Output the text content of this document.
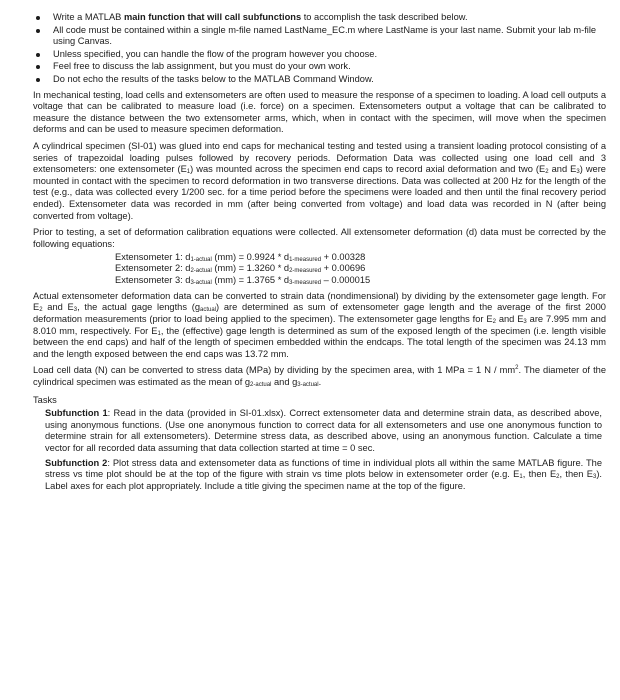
Write a MATLAB main function that will call subfunctions to accomplish the task described below.
All code must be contained within a single m-file named LastName_EC.m where LastName is your last name. Submit your lab m-file using Canvas.
Unless specified, you can handle the flow of the program however you choose.
Feel free to discuss the lab assignment, but you must do your own work.
Do not echo the results of the tasks below to the MATLAB Command Window.

In mechanical testing, load cells and extensometers are often used to measure the response of a specimen to loading. A load cell outputs a voltage that can be calibrated to measure load (i.e. force) on a specimen. Extensometers output a voltage that can be calibrated to measure the distance between the two extensometer arms, which, when in contact with the specimen, will move when the specimen deforms and can be used to measure specimen deformation.

A cylindrical specimen (SI-01) was glued into end caps for mechanical testing and tested using a transient loading protocol consisting of a series of trapezoidal loading pulses followed by recovery periods. Deformation Data was collected using one load cell and 3 extensometers: one extensometer $(E_1)$ was mounted across the specimen end caps to record axial deformation and two ($E_2$ and $E_3$) were mounted in contact with the specimen to record deformation in two transverse directions. Data was collected at 200 Hz for the length of the test (e.g., data was collected every 1/200 sec. for a time period before the specimens were loaded and then until the final recovery period ended). Extensometer data was recorded in mm (after being converted from voltage) and load data was recorded in N (after being converted from voltage).

Prior to testing, a set of deformation calibration equations were collected. All extensometer deformation (d) data must be corrected by the following equations:

Extensometer 1: $d_{1-actual}$ $(mm) = 0.9924 * d_{1-measured} + 0.00328$
Extensometer 2: $d_{2-actual}$ $(mm) = 1.3260 * d_{2-measured} + 0.00696$
Extensometer 3: $d_{3-actual}$ $(mm) = 1.3765 * d_{3-measured} - 0.000015$

Actual extensometer deformation data can be converted to strain data (nondimensional) by dividing by the extensometer gage length. For $E_2$ and $E_3$, the actual gage lengths $(g_{actual})$ are determined as sum of extensometer gage length and the average of the first 2000 deformation measurements (prior to load being applied to the specimen). The extensometer gage lengths for $E_2$ and $E_3$ are 7.995 mm and 8.010 mm, respectively. For $E_1$, the (effective) gage length is determined as sum of the exposed length of the specimen (i.e. length visible between the end caps) and half of the length of specimen embedded within the endcaps. The total length of the specimen was 24.13 mm and the length exposed between the end caps was 13.72 mm.

Load cell data (N) can be converted to stress data (MPa) by dividing by the specimen area, with 1 MPa = 1 N / $mm^2$. The diameter of the cylindrical specimen was estimated as the mean of $g_{2-actual}$ and $g_{3-actual}$.

Tasks

Subfunction 1: Read in the data (provided in SI-01.xlsx). Correct extensometer data and determine strain data, as described above, using anonymous functions. (Use one anonymous function to correct data for all extensometers and use one anonymous function to determine strain for all extensometers). Determine stress data, as described above, using an anonymous function. Calculate a time vector for all recorded data assuming that data collection started at time = 0 sec.

Subfunction 2: Plot stress data and extensometer data as functions of time in individual plots all within the same MATLAB figure. The stress vs time plot should be at the top of the figure with strain vs time plots below in extensometer order (e.g. $E_1$, then $E_2$, then $E_3$). Label axes for each plot appropriately. Include a title giving the specimen name at the top of the figure.
